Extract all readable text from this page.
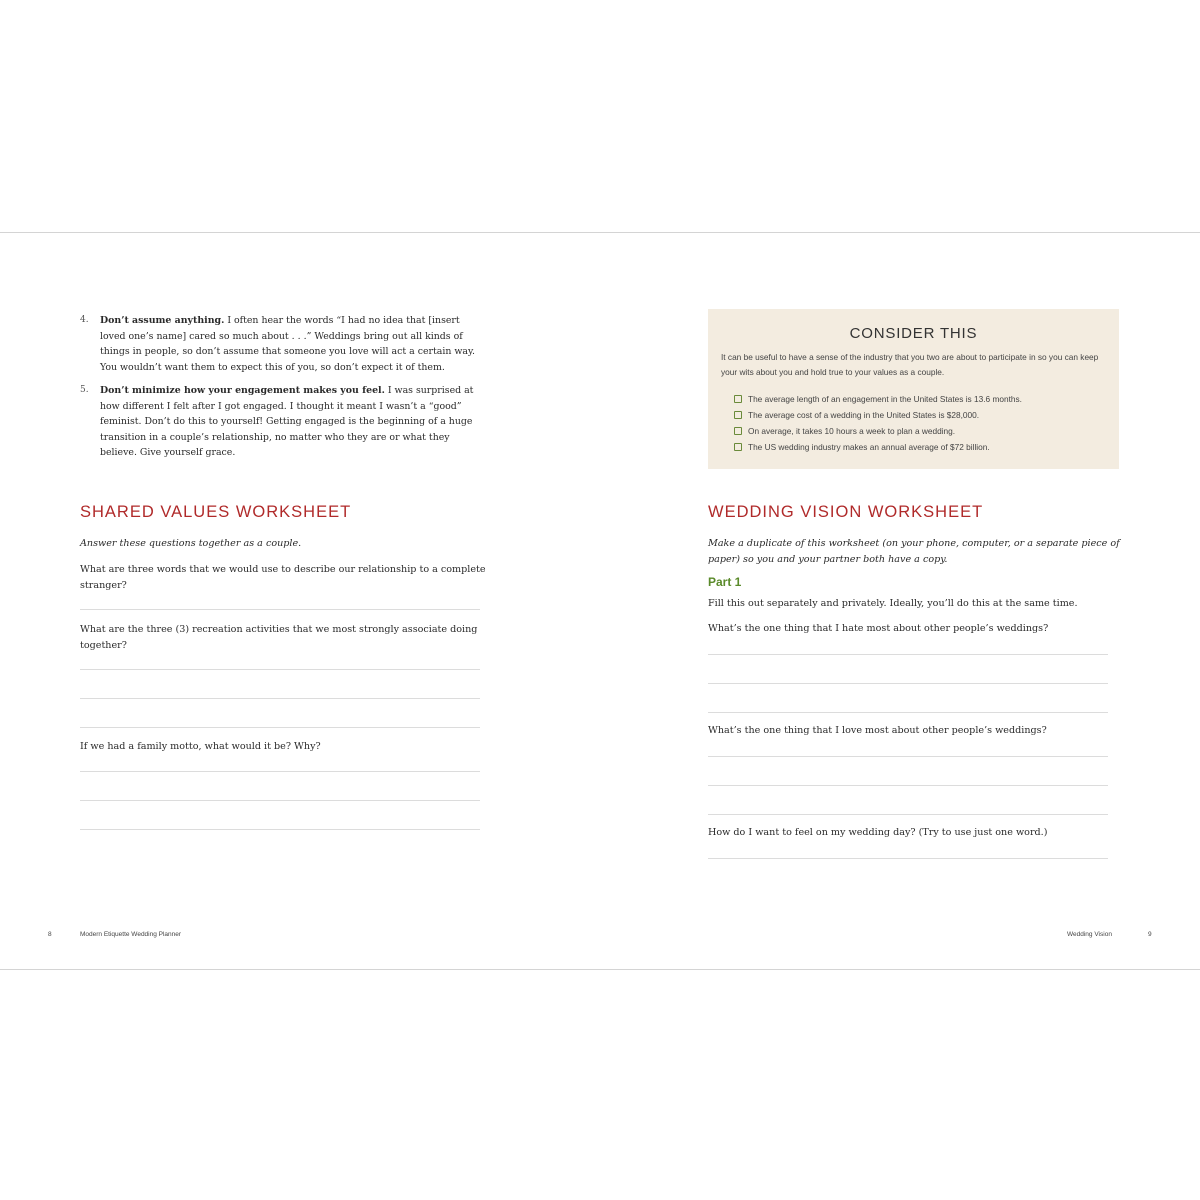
4. Don’t assume anything. I often hear the words “I had no idea that [insert loved one’s name] cared so much about . . .” Weddings bring out all kinds of things in people, so don’t assume that someone you love will act a certain way. You wouldn’t want them to expect this of you, so don’t expect it of them.
5. Don’t minimize how your engagement makes you feel. I was surprised at how different I felt after I got engaged. I thought it meant I wasn’t a “good” feminist. Don’t do this to yourself! Getting engaged is the beginning of a huge transition in a couple’s relationship, no matter who they are or what they believe. Give yourself grace.
SHARED VALUES WORKSHEET
Answer these questions together as a couple.
What are three words that we would use to describe our relationship to a complete stranger?
What are the three (3) recreation activities that we most strongly associate doing together?
If we had a family motto, what would it be? Why?
8	Modern Etiquette Wedding Planner
CONSIDER THIS
It can be useful to have a sense of the industry that you two are about to participate in so you can keep your wits about you and hold true to your values as a couple.
The average length of an engagement in the United States is 13.6 months.
The average cost of a wedding in the United States is $28,000.
On average, it takes 10 hours a week to plan a wedding.
The US wedding industry makes an annual average of $72 billion.
WEDDING VISION WORKSHEET
Make a duplicate of this worksheet (on your phone, computer, or a separate piece of paper) so you and your partner both have a copy.
Part 1
Fill this out separately and privately. Ideally, you’ll do this at the same time.
What’s the one thing that I hate most about other people’s weddings?
What’s the one thing that I love most about other people’s weddings?
How do I want to feel on my wedding day? (Try to use just one word.)
Wedding Vision	9
